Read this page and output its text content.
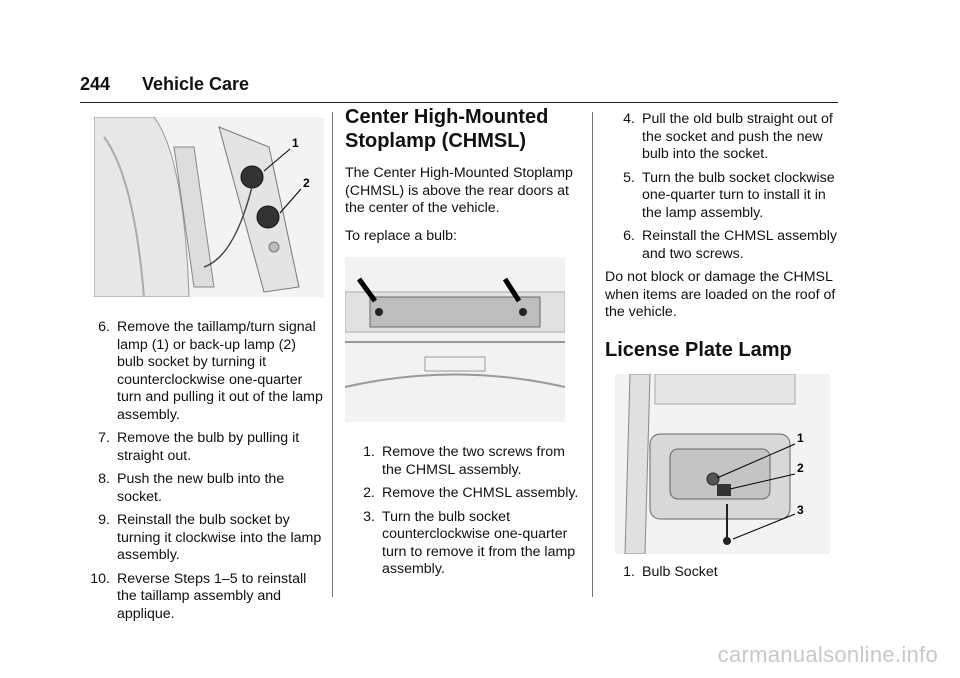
244 Vehicle Care
1
2
6. Remove the taillamp/turn signal lamp (1) or back-up lamp (2) bulb socket by turning it counterclockwise one-quarter turn and pulling it out of the lamp assembly.
7. Remove the bulb by pulling it straight out.
8. Push the new bulb into the socket.
9. Reinstall the bulb socket by turning it clockwise into the lamp assembly.
10. Reverse Steps 1–5 to reinstall the taillamp assembly and applique.
Center High-Mounted Stoplamp (CHMSL)

The Center High-Mounted Stoplamp (CHMSL) is above the rear doors at the center of the vehicle.

To replace a bulb:

1. Remove the two screws from the CHMSL assembly.
2. Remove the CHMSL assembly.
3. Turn the bulb socket counterclockwise one-quarter turn to remove it from the lamp assembly.
4. Pull the old bulb straight out of the socket and push the new bulb into the socket.
5. Turn the bulb socket clockwise one-quarter turn to install it in the lamp assembly.
6. Reinstall the CHMSL assembly and two screws.

Do not block or damage the CHMSL when items are loaded on the roof of the vehicle.

License Plate Lamp
1
2
3
1. Bulb Socket
carmanualsonline.info
